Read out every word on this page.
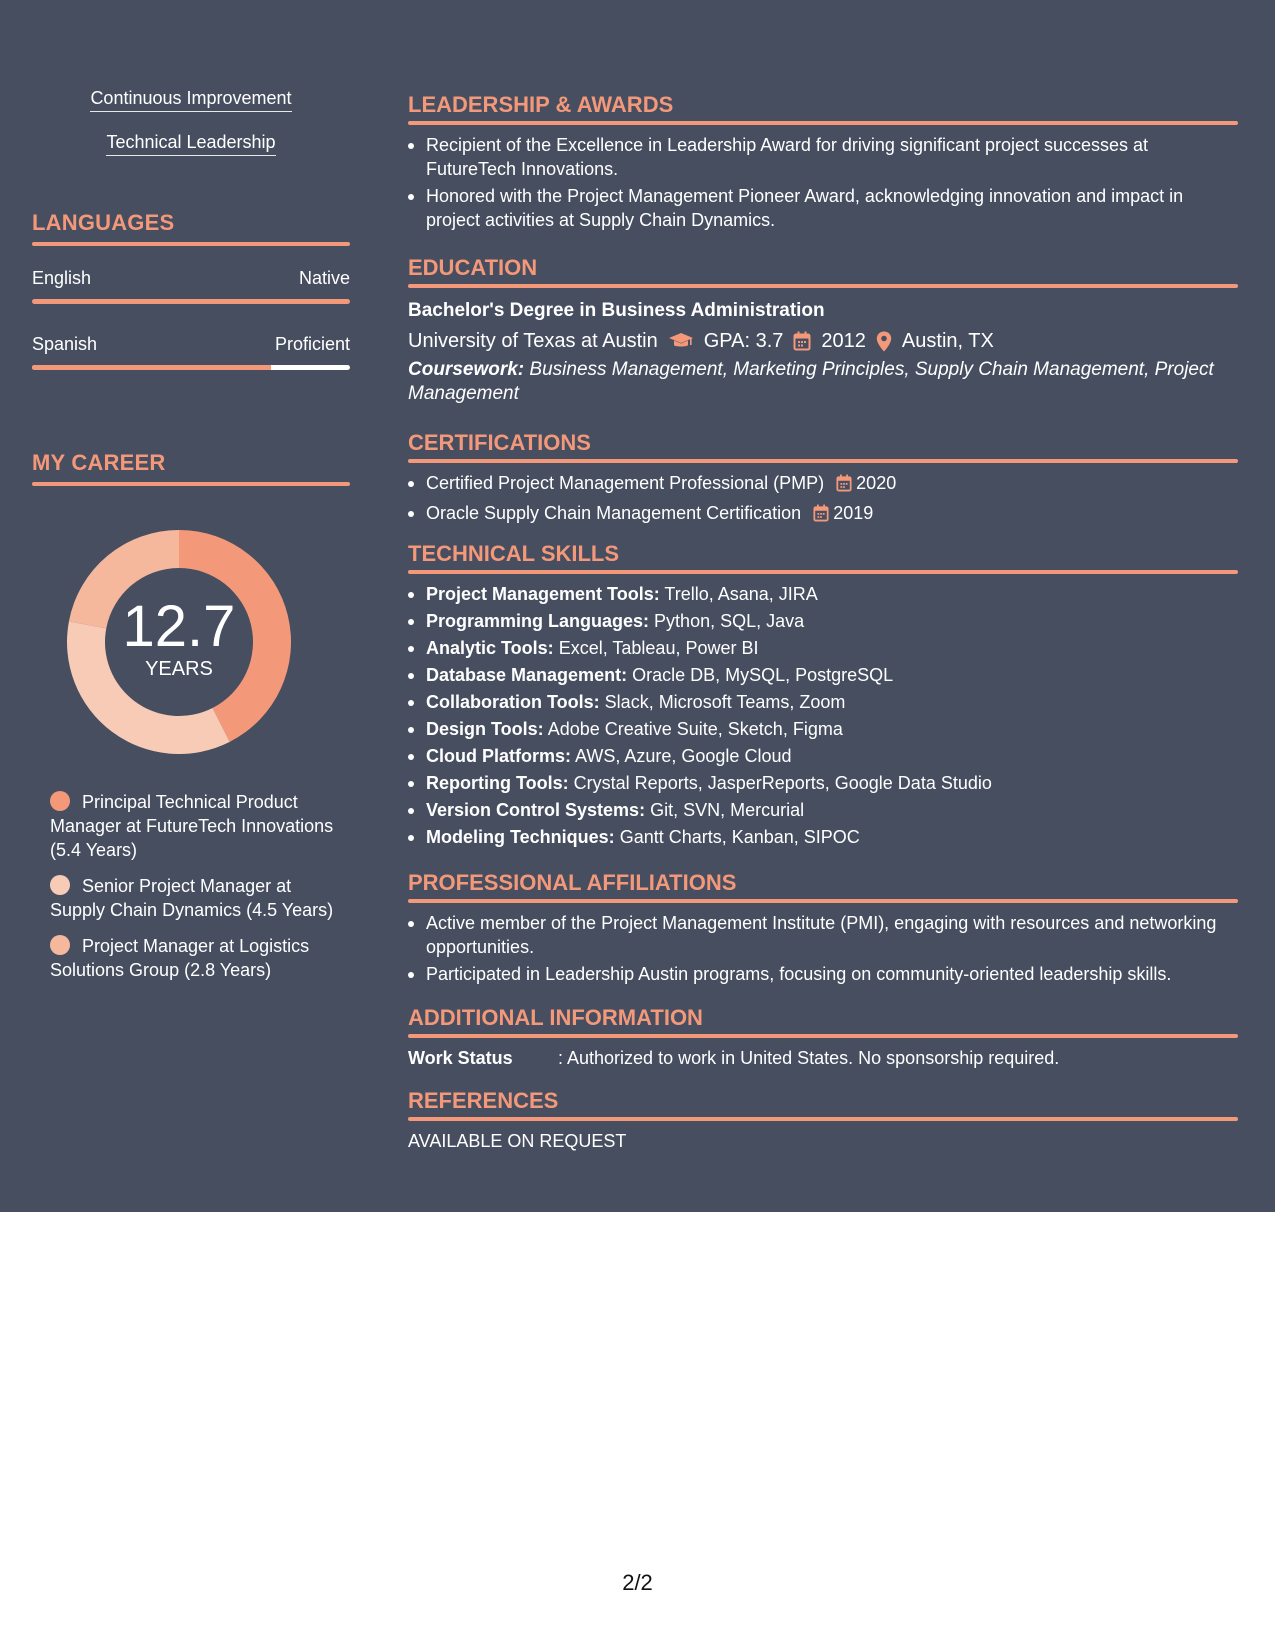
Continuous Improvement
Technical Leadership
LANGUAGES
English	Native
Spanish	Proficient
MY CAREER
12.7
YEARS
Principal Technical Product Manager at FutureTech Innovations (5.4 Years)
Senior Project Manager at Supply Chain Dynamics (4.5 Years)
Project Manager at Logistics Solutions Group (2.8 Years)
LEADERSHIP & AWARDS
Recipient of the Excellence in Leadership Award for driving significant project successes at FutureTech Innovations.
Honored with the Project Management Pioneer Award, acknowledging innovation and impact in project activities at Supply Chain Dynamics.
EDUCATION
Bachelor's Degree in Business Administration
University of Texas at Austin GPA: 3.7 2012 Austin, TX
Coursework: Business Management, Marketing Principles, Supply Chain Management, Project Management
CERTIFICATIONS
Certified Project Management Professional (PMP) 2020
Oracle Supply Chain Management Certification 2019
TECHNICAL SKILLS
Project Management Tools: Trello, Asana, JIRA
Programming Languages: Python, SQL, Java
Analytic Tools: Excel, Tableau, Power BI
Database Management: Oracle DB, MySQL, PostgreSQL
Collaboration Tools: Slack, Microsoft Teams, Zoom
Design Tools: Adobe Creative Suite, Sketch, Figma
Cloud Platforms: AWS, Azure, Google Cloud
Reporting Tools: Crystal Reports, JasperReports, Google Data Studio
Version Control Systems: Git, SVN, Mercurial
Modeling Techniques: Gantt Charts, Kanban, SIPOC
PROFESSIONAL AFFILIATIONS
Active member of the Project Management Institute (PMI), engaging with resources and networking opportunities.
Participated in Leadership Austin programs, focusing on community-oriented leadership skills.
ADDITIONAL INFORMATION
Work Status	: Authorized to work in United States. No sponsorship required.
REFERENCES
AVAILABLE ON REQUEST
2/2
